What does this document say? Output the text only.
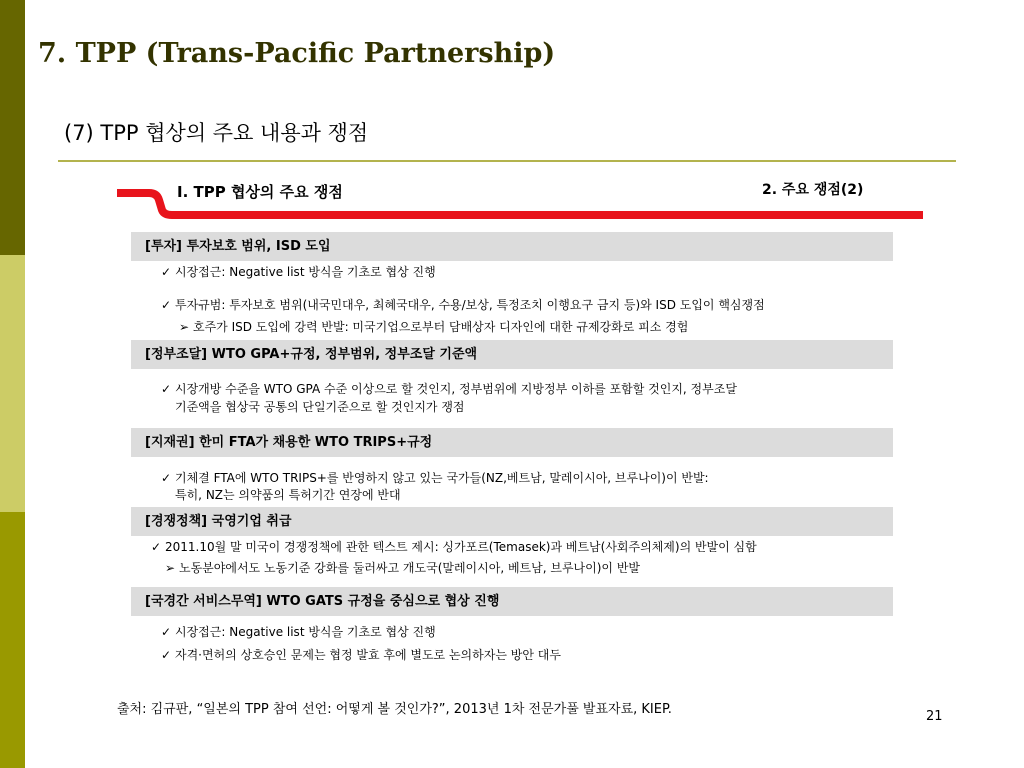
7. TPP (Trans-Pacific Partnership)
(7) TPP 협상의 주요 내용과 쟁점
Ⅰ. TPP 협상의 주요 쟁점	2. 주요 쟁점(2)
[투자] 투자보호 범위, ISD 도입
✓ 시장접근: Negative list 방식을 기초로 협상 진행
✓ 투자규범: 투자보호 범위(내국민대우, 최혜국대우, 수용/보상, 특정조치 이행요구 금지 등)와 ISD 도입이 핵심쟁점
➢ 호주가 ISD 도입에 강력 반발: 미국기업으로부터 담배상자 디자인에 대한 규제강화로 피소 경험
[정부조달] WTO GPA+규정, 정부범위, 정부조달 기준액
✓ 시장개방 수준을 WTO GPA 수준 이상으로 할 것인지, 정부범위에 지방정부 이하를 포함할 것인지, 정부조달
기준액을 협상국 공통의 단일기준으로 할 것인지가 쟁점
[지재권] 한미 FTA가 채용한 WTO TRIPS+규정
✓ 기체결 FTA에 WTO TRIPS+를 반영하지 않고 있는 국가들(NZ,베트남, 말레이시아, 브루나이)이 반발:
특히, NZ는 의약품의 특허기간 연장에 반대
[경쟁정책] 국영기업 취급
✓ 2011.10월 말 미국이 경쟁정책에 관한 텍스트 제시: 싱가포르(Temasek)과 베트남(사회주의체제)의 반발이 심함
➢ 노동분야에서도 노동기준 강화를 둘러싸고 개도국(말레이시아, 베트남, 브루나이)이 반발
[국경간 서비스무역] WTO GATS 규정을 중심으로 협상 진행
✓ 시장접근: Negative list 방식을 기초로 협상 진행
✓ 자격·면허의 상호승인 문제는 협정 발효 후에 별도로 논의하자는 방안 대두
출처: 김규판, “일본의 TPP 참여 선언: 어떻게 볼 것인가?”, 2013년 1차 전문가풀 발표자료, KIEP.	21
